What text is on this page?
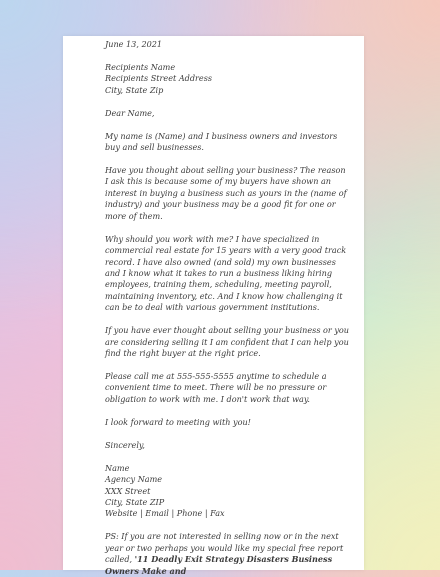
June 13, 2021

Recipients Name
Recipients Street Address
City, State Zip

Dear Name,

My name is (Name) and I business owners and investors buy and sell businesses.

Have you thought about selling your business? The reason I ask this is because some of my buyers have shown an interest in buying a business such as yours in the (name of industry) and your business may be a good fit for one or more of them.

Why should you work with me? I have specialized in commercial real estate for 15 years with a very good track record. I have also owned (and sold) my own businesses and I know what it takes to run a business liking hiring employees, training them, scheduling, meeting payroll, maintaining inventory, etc. And I know how challenging it can be to deal with various government institutions.

If you have ever thought about selling your business or you are considering selling it I am confident that I can help you find the right buyer at the right price.

Please call me at 555-555-5555 anytime to schedule a convenient time to meet. There will be no pressure or obligation to work with me. I don't work that way.

I look forward to meeting with you!

Sincerely,

Name
Agency Name
XXX Street
City, State ZIP
Website | Email | Phone | Fax

PS: If you are not interested in selling now or in the next year or two perhaps you would like my special free report called, '11 Deadly Exit Strategy Disasters Business Owners Make and
